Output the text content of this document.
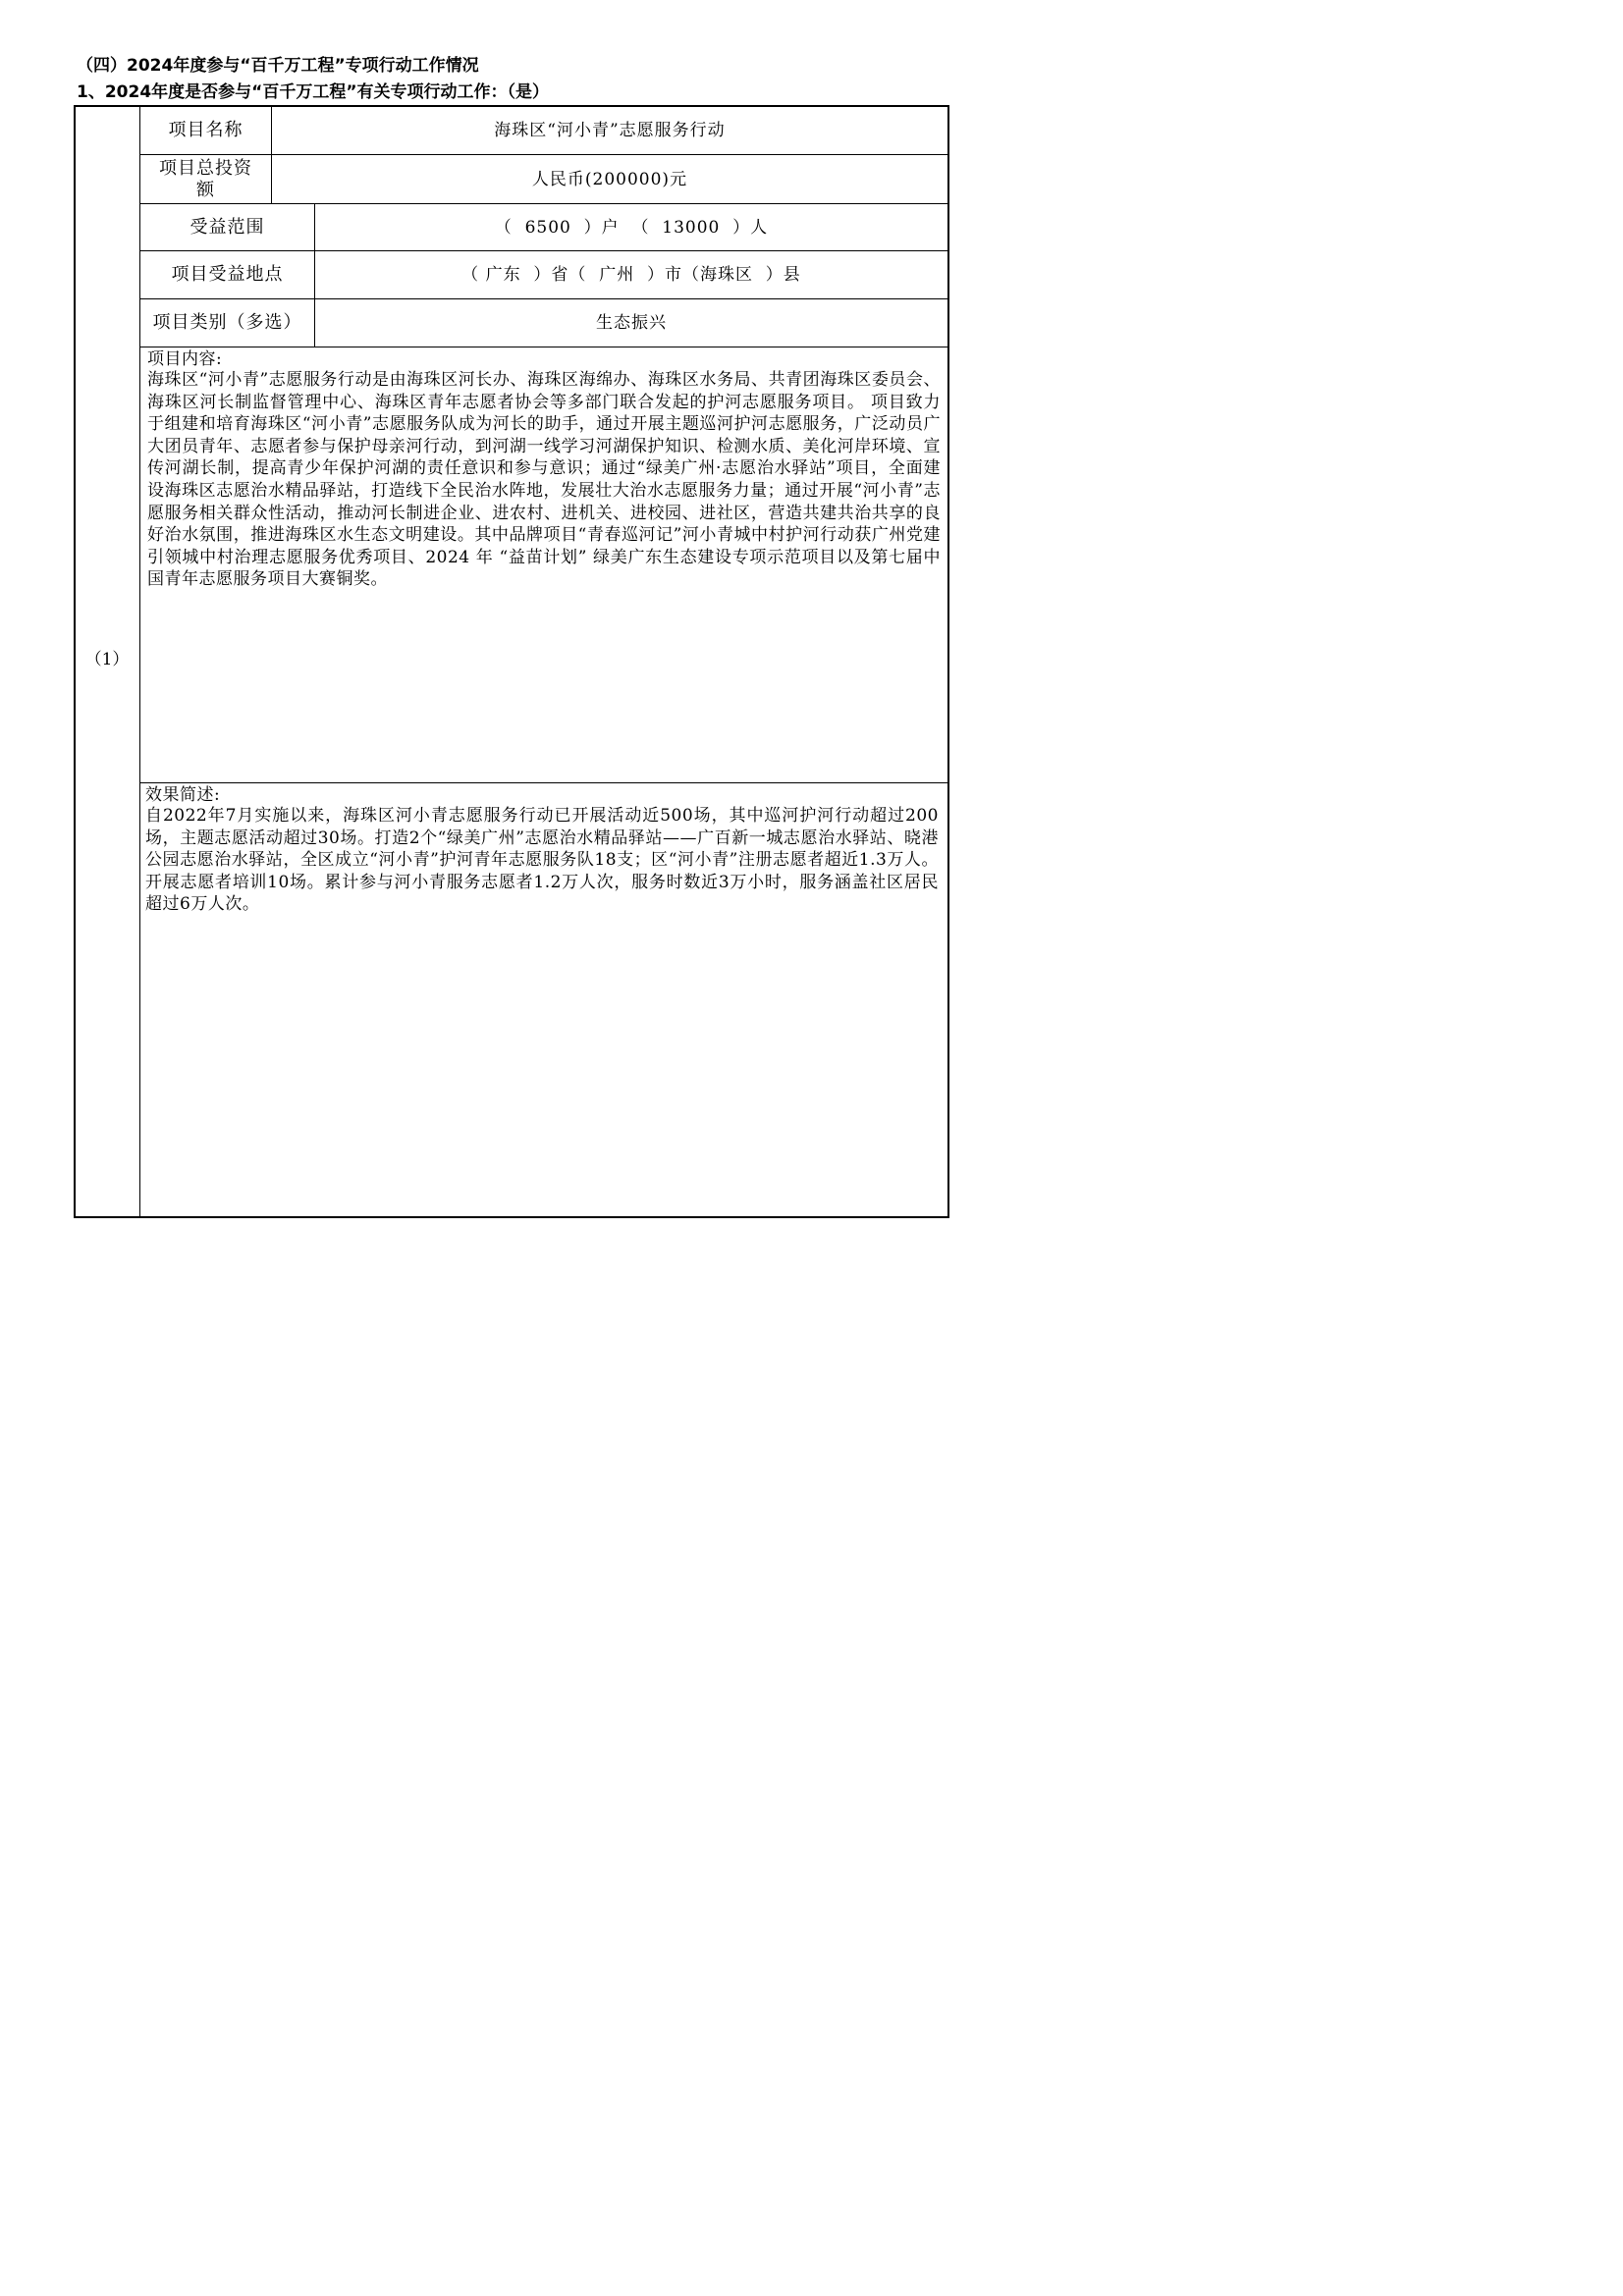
（四）2024年度参与“百千万工程”专项行动工作情况
1、2024年度是否参与“百千万工程”有关专项行动工作：（是）
（1）
项目名称	海珠区“河小青”志愿服务行动
项目总投资
额	人民币(200000)元
受益范围	（  6500  ）户  （  13000  ）人
项目受益地点	（ 广东  ）省（  广州  ）市（海珠区  ）县
项目类别（多选）	生态振兴
项目内容:
海珠区“河小青”志愿服务行动是由海珠区河长办、海珠区海绵办、海珠区水务局、共青团海珠区委员会、海珠区河长制监督管理中心、海珠区青年志愿者协会等多部门联合发起的护河志愿服务项目。 项目致力于组建和培育海珠区“河小青”志愿服务队成为河长的助手，通过开展主题巡河护河志愿服务，广泛动员广大团员青年、志愿者参与保护母亲河行动，到河湖一线学习河湖保护知识、检测水质、美化河岸环境、宣传河湖长制，提高青少年保护河湖的责任意识和参与意识；通过“绿美广州·志愿治水驿站”项目，全面建设海珠区志愿治水精品驿站，打造线下全民治水阵地，发展壮大治水志愿服务力量；通过开展“河小青”志愿服务相关群众性活动，推动河长制进企业、进农村、进机关、进校园、进社区，营造共建共治共享的良好治水氛围，推进海珠区水生态文明建设。其中品牌项目“青春巡河记”河小青城中村护河行动获广州党建引领城中村治理志愿服务优秀项目、2024 年 “益苗计划” 绿美广东生态建设专项示范项目以及第七届中国青年志愿服务项目大赛铜奖。
效果简述:
自2022年7月实施以来，海珠区河小青志愿服务行动已开展活动近500场，其中巡河护河行动超过200场，主题志愿活动超过30场。打造2个“绿美广州”志愿治水精品驿站——广百新一城志愿治水驿站、晓港公园志愿治水驿站，全区成立“河小青”护河青年志愿服务队18支；区“河小青”注册志愿者超近1.3万人。开展志愿者培训10场。累计参与河小青服务志愿者1.2万人次，服务时数近3万小时，服务涵盖社区居民超过6万人次。
